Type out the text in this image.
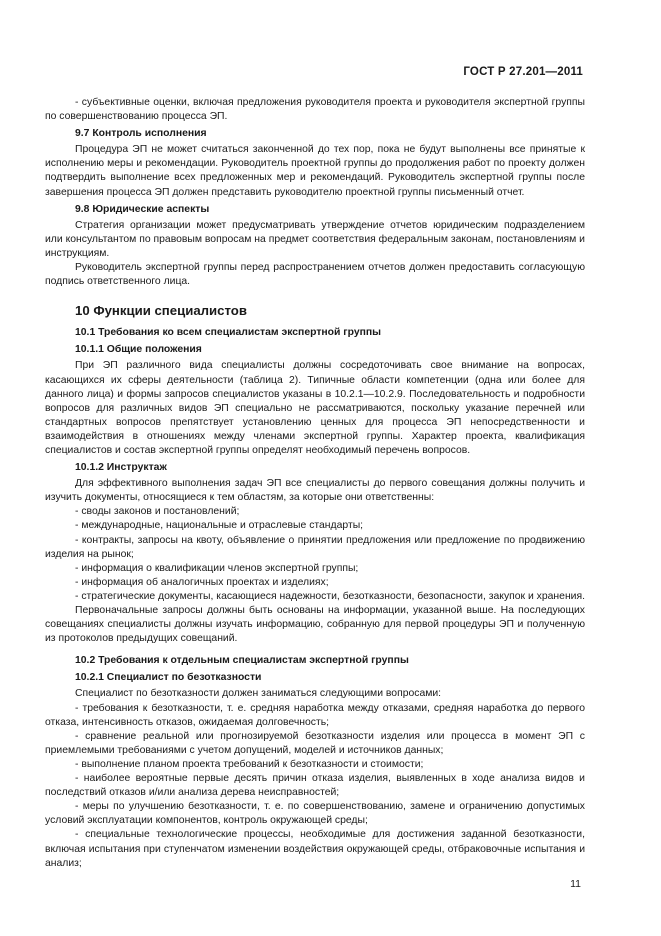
ГОСТ Р 27.201—2011

- субъективные оценки, включая предложения руководителя проекта и руководителя экспертной группы по совершенствованию процесса ЭП.

9.7 Контроль исполнения

Процедура ЭП не может считаться законченной до тех пор, пока не будут выполнены все принятые к исполнению меры и рекомендации. Руководитель проектной группы до продолжения работ по проекту должен подтвердить выполнение всех предложенных мер и рекомендаций. Руководитель экспертной группы после завершения процесса ЭП должен представить руководителю проектной группы письменный отчет.

9.8 Юридические аспекты

Стратегия организации может предусматривать утверждение отчетов юридическим подразделением или консультантом по правовым вопросам на предмет соответствия федеральным законам, постановлениям и инструкциям.

Руководитель экспертной группы перед распространением отчетов должен предоставить согласующую подпись ответственного лица.

10 Функции специалистов

10.1 Требования ко всем специалистам экспертной группы

10.1.1 Общие положения

При ЭП различного вида специалисты должны сосредоточивать свое внимание на вопросах, касающихся их сферы деятельности (таблица 2). Типичные области компетенции (одна или более для данного лица) и формы запросов специалистов указаны в 10.2.1—10.2.9. Последовательность и подробности вопросов для различных видов ЭП специально не рассматриваются, поскольку указание перечней или стандартных вопросов препятствует установлению ценных для процесса ЭП непосредственности и взаимодействия в отношениях между членами экспертной группы. Характер проекта, квалификация специалистов и состав экспертной группы определят необходимый перечень вопросов.

10.1.2 Инструктаж

Для эффективного выполнения задач ЭП все специалисты до первого совещания должны получить и изучить документы, относящиеся к тем областям, за которые они ответственны:

- своды законов и постановлений;

- международные, национальные и отраслевые стандарты;

- контракты, запросы на квоту, объявление о принятии предложения или предложение по продвижению изделия на рынок;

- информация о квалификации членов экспертной группы;

- информация об аналогичных проектах и изделиях;

- стратегические документы, касающиеся надежности, безотказности, безопасности, закупок и хранения.

Первоначальные запросы должны быть основаны на информации, указанной выше. На последующих совещаниях специалисты должны изучать информацию, собранную для первой процедуры ЭП и полученную из протоколов предыдущих совещаний.

10.2 Требования к отдельным специалистам экспертной группы

10.2.1 Специалист по безотказности

Специалист по безотказности должен заниматься следующими вопросами:

- требования к безотказности, т. е. средняя наработка между отказами, средняя наработка до первого отказа, интенсивность отказов, ожидаемая долговечность;

- сравнение реальной или прогнозируемой безотказности изделия или процесса в момент ЭП с приемлемыми требованиями с учетом допущений, моделей и источников данных;

- выполнение планом проекта требований к безотказности и стоимости;

- наиболее вероятные первые десять причин отказа изделия, выявленных в ходе анализа видов и последствий отказов и/или анализа дерева неисправностей;

- меры по улучшению безотказности, т. е. по совершенствованию, замене и ограничению допустимых условий эксплуатации компонентов, контроль окружающей среды;

- специальные технологические процессы, необходимые для достижения заданной безотказности, включая испытания при ступенчатом изменении воздействия окружающей среды, отбраковочные испытания и анализ;

11
